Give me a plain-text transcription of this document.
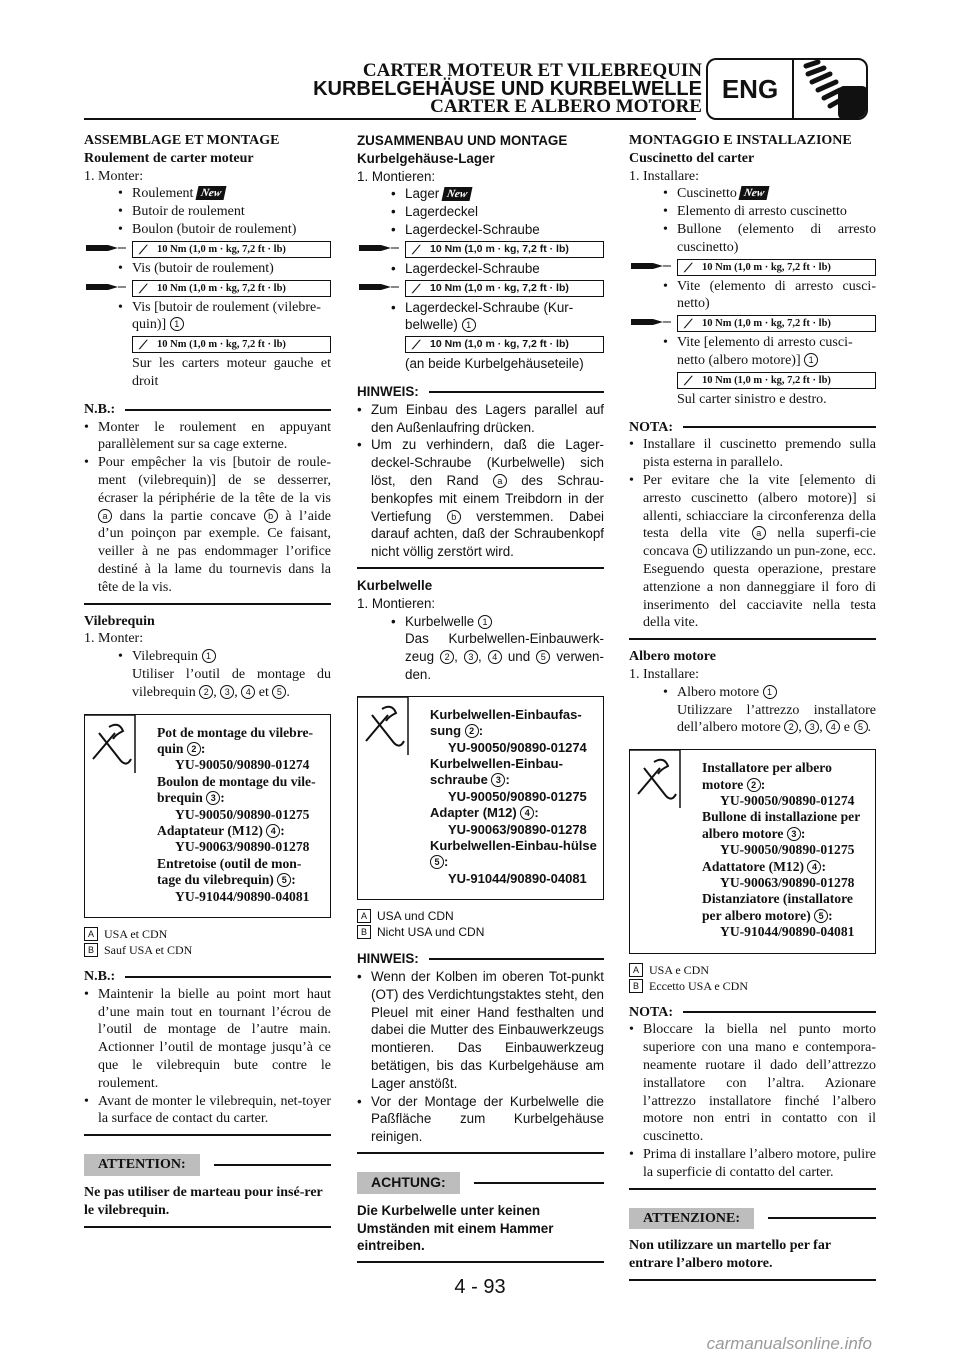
CARTER MOTEUR ET VILEBREQUIN
KURBELGEHÄUSE UND KURBELWELLE
CARTER E ALBERO MOTORE
ENG
ASSEMBLAGE ET MONTAGE
Roulement de carter moteur
1. Monter:
• Roulement New
• Butoir de roulement
• Boulon (butoir de roulement)
⟋ 10 Nm (1,0 m · kg, 7,2 ft · lb)
• Vis (butoir de roulement)
⟋ 10 Nm (1,0 m · kg, 7,2 ft · lb)
• Vis [butoir de roulement (vilebre-
quin)] 1
⟋ 10 Nm (1,0 m · kg, 7,2 ft · lb)
Sur les carters moteur gauche et droit
N.B.:
• Monter le roulement en appuyant parallèlement sur sa cage externe.
• Pour empêcher la vis [butoir de roule-ment (vilebrequin)] de se desserrer, écraser la périphérie de la tête de la vis a dans la partie concave b à l’aide d’un poinçon par exemple. Ce faisant, veiller à ne pas endommager l’orifice destiné à la lame du tournevis dans la tête de la vis.
Vilebrequin
1. Monter:
• Vilebrequin 1
Utiliser l’outil de montage du vilebrequin 2 , 3 , 4 et 5 .
Pot de montage du vilebre-quin 2 :
YU-90050/90890-01274
Boulon de montage du vile-brequin 3 :
YU-90050/90890-01275
Adaptateur (M12) 4 :
YU-90063/90890-01278
Entretoise (outil de mon-tage du vilebrequin) 5 :
YU-91044/90890-04081
A USA et CDN
B Sauf USA et CDN
N.B.:
• Maintenir la bielle au point mort haut d’une main tout en tournant l’écrou de l’outil de montage de l’autre main. Actionner l’outil de montage jusqu’à ce que le vilebrequin bute contre le roulement.
• Avant de monter le vilebrequin, net-toyer la surface de contact du carter.
ATTENTION:
Ne pas utiliser de marteau pour insé-rer le vilebrequin.
ZUSAMMENBAU UND MONTAGE
Kurbelgehäuse-Lager
1. Montieren:
• Lager New
• Lagerdeckel
• Lagerdeckel-Schraube
⟋ 10 Nm (1,0 m · kg, 7,2 ft · lb)
• Lagerdeckel-Schraube
⟋ 10 Nm (1,0 m · kg, 7,2 ft · lb)
• Lagerdeckel-Schraube (Kur-
belwelle) 1
⟋ 10 Nm (1,0 m · kg, 7,2 ft · lb)
(an beide Kurbelgehäuseteile)
HINWEIS:
• Zum Einbau des Lagers parallel auf den Außenlaufring drücken.
• Um zu verhindern, daß die Lager-deckel-Schraube (Kurbelwelle) sich löst, den Rand a des Schrau-benkopfes mit einem Treibdorn in der Vertiefung b verstemmen. Dabei darauf achten, daß der Schraubenkopf nicht völlig zerstört wird.
Kurbelwelle
1. Montieren:
• Kurbelwelle 1
Das Kurbelwellen-Einbauwerk-zeug 2 , 3 , 4 und 5 verwen-den.
Kurbelwellen-Einbaufas-sung 2 :
YU-90050/90890-01274
Kurbelwellen-Einbau-schraube 3 :
YU-90050/90890-01275
Adapter (M12) 4 :
YU-90063/90890-01278
Kurbelwellen-Einbau-hülse 5 :
YU-91044/90890-04081
A USA und CDN
B Nicht USA und CDN
HINWEIS:
• Wenn der Kolben im oberen Tot-punkt (OT) des Verdichtungstaktes steht, den Pleuel mit einer Hand festhalten und dabei die Mutter des Einbauwerkzeugs montieren. Das Einbauwerkzeug betätigen, bis das Kurbelgehäuse am Lager anstößt.
• Vor der Montage der Kurbelwelle die Paßfläche zum Kurbelgehäuse reinigen.
ACHTUNG:
Die Kurbelwelle unter keinen Umständen mit einem Hammer eintreiben.
MONTAGGIO E INSTALLAZIONE
Cuscinetto del carter
1. Installare:
• Cuscinetto New
• Elemento di arresto cuscinetto
• Bullone (elemento di arresto cuscinetto)
⟋ 10 Nm (1,0 m · kg, 7,2 ft · lb)
• Vite (elemento di arresto cusci-netto)
⟋ 10 Nm (1,0 m · kg, 7,2 ft · lb)
• Vite [elemento di arresto cusci-
netto (albero motore)] 1
⟋ 10 Nm (1,0 m · kg, 7,2 ft · lb)
Sul carter sinistro e destro.
NOTA:
• Installare il cuscinetto premendo sulla pista esterna in parallelo.
• Per evitare che la vite [elemento di arresto cuscinetto (albero motore)] si allenti, schiacciare la circonferenza della testa della vite a nella superfi-cie concava b utilizzando un pun-zone, ecc. Eseguendo questa operazione, prestare attenzione a non danneggiare il foro di inserimento del cacciavite nella testa della vite.
Albero motore
1. Installare:
• Albero motore 1
Utilizzare l’attrezzo installatore dell’albero motore 2 , 3 , 4 e 5 .
Installatore per albero motore 2 :
YU-90050/90890-01274
Bullone di installazione per albero motore 3 :
YU-90050/90890-01275
Adattatore (M12) 4 :
YU-90063/90890-01278
Distanziatore (installatore per albero motore) 5 :
YU-91044/90890-04081
A USA e CDN
B Eccetto USA e CDN
NOTA:
• Bloccare la biella nel punto morto superiore con una mano e contempora-neamente ruotare il dado dell’attrezzo installatore con l’altra. Azionare l’attrezzo installatore finché l’albero motore non entri in contatto con il cuscinetto.
• Prima di installare l’albero motore, pulire la superficie di contatto del carter.
ATTENZIONE:
Non utilizzare un martello per far entrare l’albero motore.
4 - 93
carmanualsonline.info
